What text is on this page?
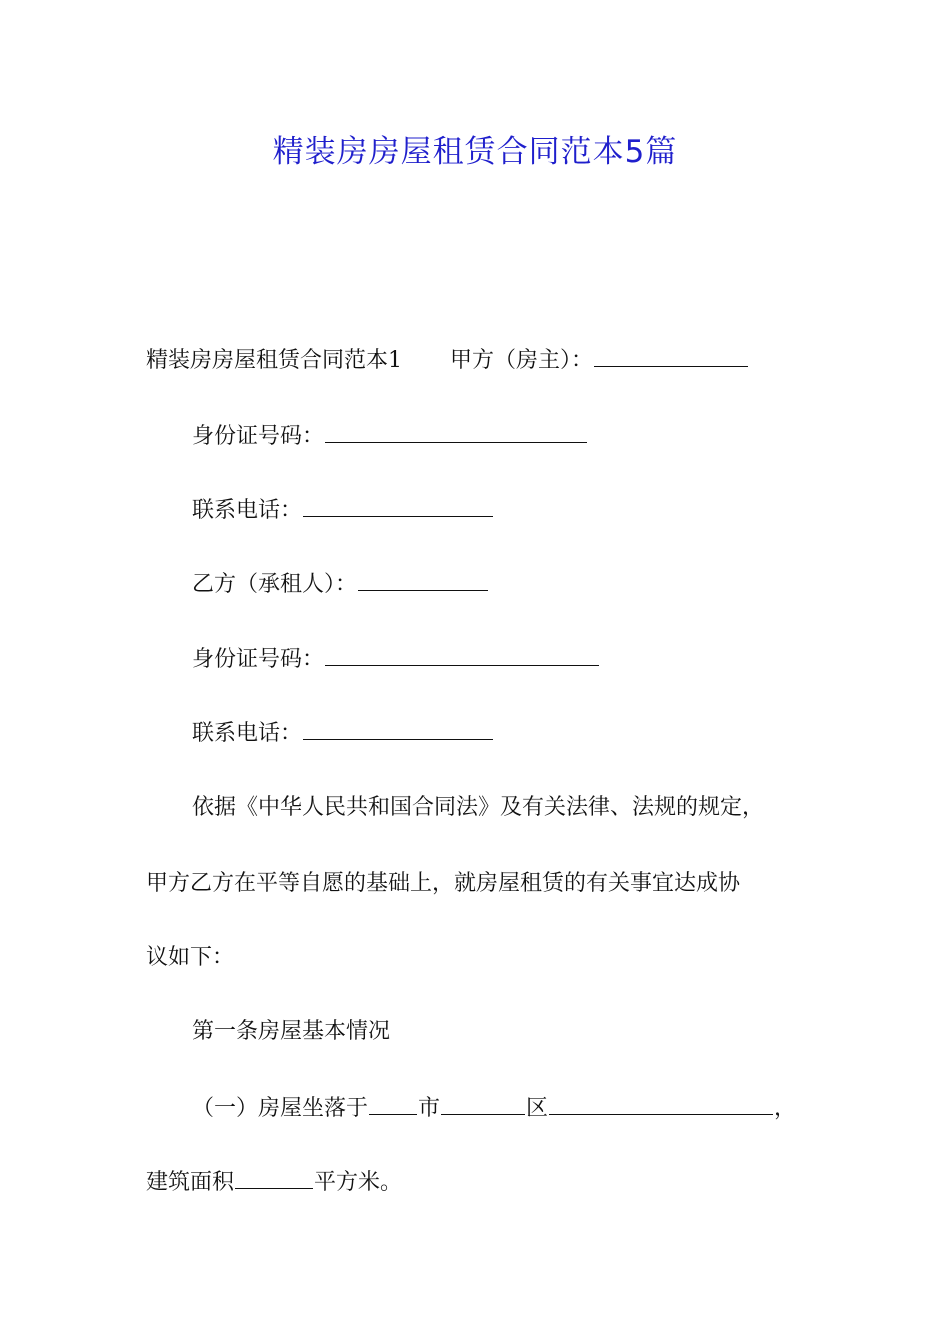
精装房房屋租赁合同范本5篇
精装房房屋租赁合同范本1 甲方（房主）：
身份证号码：
联系电话：
乙方（承租人）：
身份证号码：
联系电话：
依据《中华人民共和国合同法》及有关法律、法规的规定，
甲方乙方在平等自愿的基础上，就房屋租赁的有关事宜达成协
议如下：
第一条房屋基本情况
（一）房屋坐落于 市	区	，
建筑面积	平方米。
